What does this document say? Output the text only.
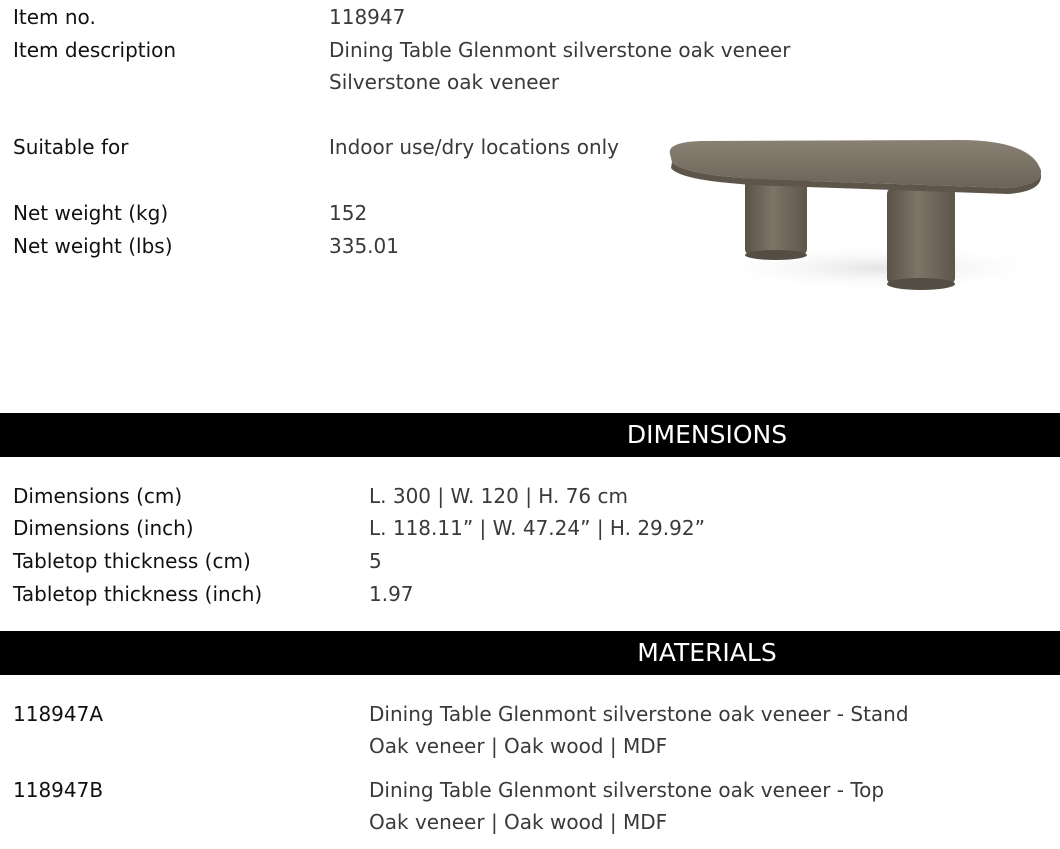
Item no.	118947
Item description	Dining Table Glenmont silverstone oak veneer
Silverstone oak veneer
Suitable for	Indoor use/dry locations only
Net weight (kg)	152
Net weight (lbs)	335.01
DIMENSIONS
Dimensions (cm)	L. 300 | W. 120 | H. 76 cm
Dimensions (inch)	L. 118.11” | W. 47.24” | H. 29.92”
Tabletop thickness (cm)	5
Tabletop thickness (inch)	1.97
MATERIALS
118947A	Dining Table Glenmont silverstone oak veneer - Stand
Oak veneer | Oak wood | MDF
118947B	Dining Table Glenmont silverstone oak veneer - Top
Oak veneer | Oak wood | MDF
